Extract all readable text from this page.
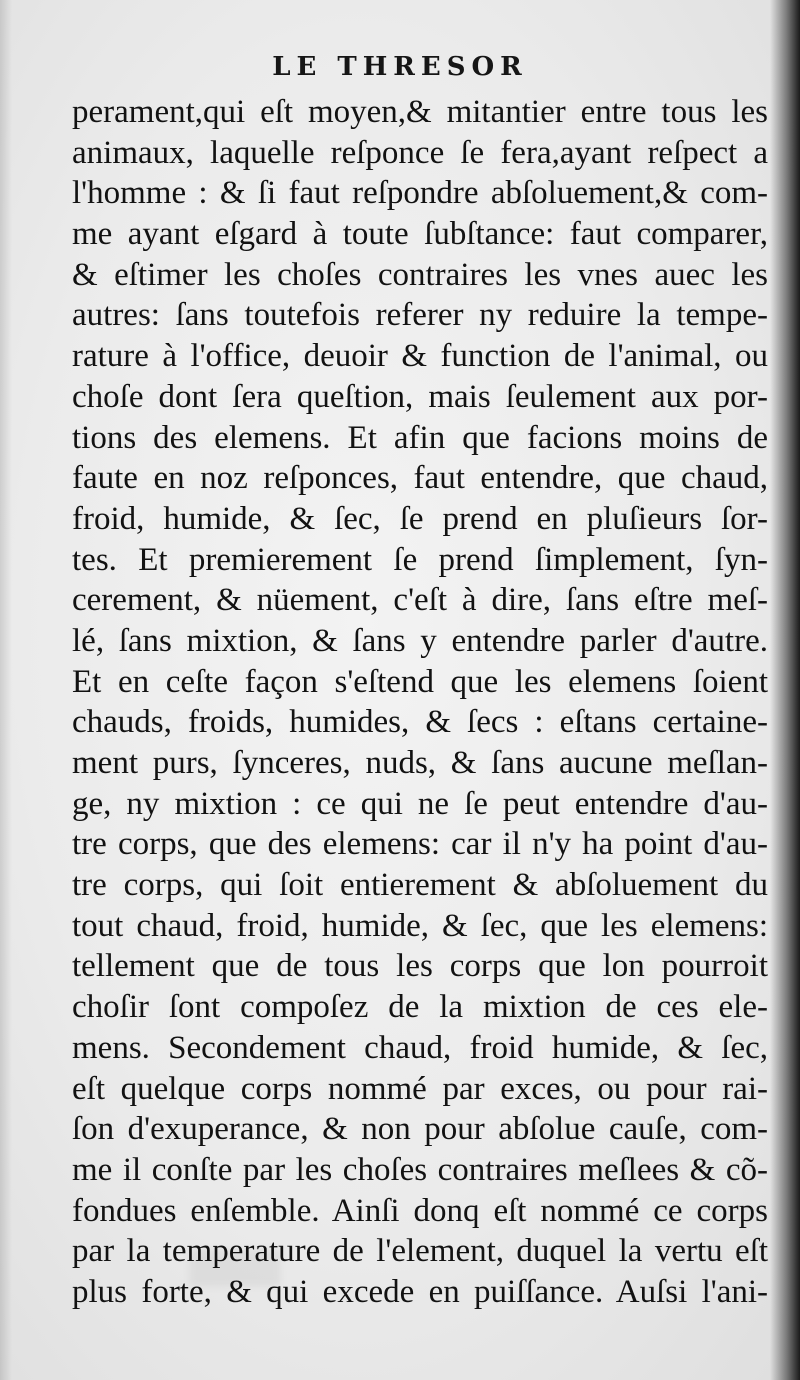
LE THRESOR
perament,qui eſt moyen,& mitantier entre tous les
animaux, laquelle reſponce ſe fera,ayant reſpect a
l'homme : & ſi faut reſpondre abſoluement,& com-
me ayant eſgard à toute ſubſtance: faut comparer,
& eſtimer les choſes contraires les vnes auec les
autres: ſans toutefois referer ny reduire la tempe-
rature à l'office, deuoir & function de l'animal, ou
choſe dont ſera queſtion, mais ſeulement aux por-
tions des elemens. Et afin que facions moins de
faute en noz reſponces, faut entendre, que chaud,
froid, humide, & ſec, ſe prend en pluſieurs ſor-
tes. Et premierement ſe prend ſimplement, ſyn-
cerement, & nüement, c'eſt à dire, ſans eſtre meſ-
lé, ſans mixtion, & ſans y entendre parler d'autre.
Et en ceſte façon s'eſtend que les elemens ſoient
chauds, froids, humides, & ſecs : eſtans certaine-
ment purs, ſynceres, nuds, & ſans aucune meſlan-
ge, ny mixtion : ce qui ne ſe peut entendre d'au-
tre corps, que des elemens: car il n'y ha point d'au-
tre corps, qui ſoit entierement & abſoluement du
tout chaud, froid, humide, & ſec, que les elemens:
tellement que de tous les corps que lon pourroit
choſir ſont compoſez de la mixtion de ces ele-
mens. Secondement chaud, froid humide, & ſec,
eſt quelque corps nommé par exces, ou pour rai-
ſon d'exuperance, & non pour abſolue cauſe, com-
me il conſte par les choſes contraires meſlees & cõ-
fondues enſemble. Ainſi donq eſt nommé ce corps
par la temperature de l'element, duquel la vertu eſt
plus forte, & qui excede en puiſſance. Auſsi l'ani-
